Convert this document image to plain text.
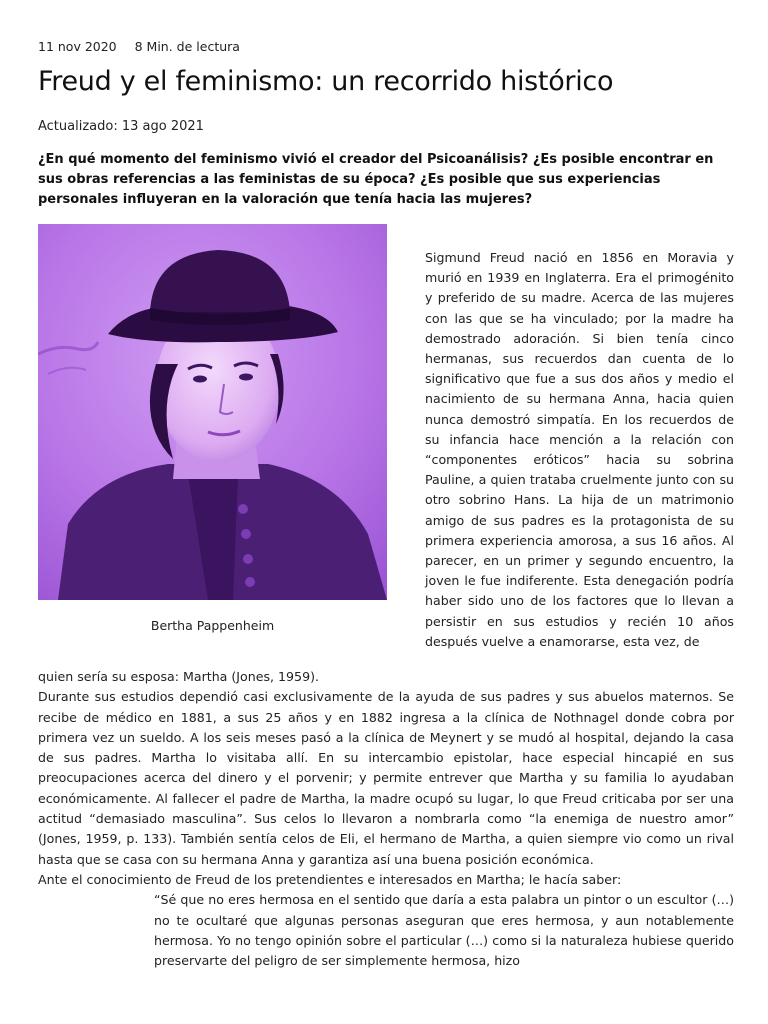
11 nov 2020 8 Min. de lectura
Freud y el feminismo: un recorrido histórico
Actualizado: 13 ago 2021

¿En qué momento del feminismo vivió el creador del Psicoanálisis? ¿Es posible encontrar en sus obras referencias a las feministas de su época? ¿Es posible que sus experiencias personales influyeran en la valoración que tenía hacia las mujeres?

Bertha Pappenheim

Sigmund Freud nació en 1856 en Moravia y murió en 1939 en Inglaterra. Era el primogénito y preferido de su madre. Acerca de las mujeres con las que se ha vinculado; por la madre ha demostrado adoración. Si bien tenía cinco hermanas, sus recuerdos dan cuenta de lo significativo que fue a sus dos años y medio el nacimiento de su hermana Anna, hacia quien nunca demostró simpatía. En los recuerdos de su infancia hace mención a la relación con “componentes eróticos” hacia su sobrina Pauline, a quien trataba cruelmente junto con su otro sobrino Hans. La hija de un matrimonio amigo de sus padres es la protagonista de su primera experiencia amorosa, a sus 16 años. Al parecer, en un primer y segundo encuentro, la joven le fue indiferente. Esta denegación podría haber sido uno de los factores que lo llevan a persistir en sus estudios y recién 10 años después vuelve a enamorarse, esta vez, de

quien sería su esposa: Martha (Jones, 1959).

Durante sus estudios dependió casi exclusivamente de la ayuda de sus padres y sus abuelos maternos. Se recibe de médico en 1881, a sus 25 años y en 1882 ingresa a la clínica de Nothnagel donde cobra por primera vez un sueldo. A los seis meses pasó a la clínica de Meynert y se mudó al hospital, dejando la casa de sus padres. Martha lo visitaba allí. En su intercambio epistolar, hace especial hincapié en sus preocupaciones acerca del dinero y el porvenir; y permite entrever que Martha y su familia lo ayudaban económicamente. Al fallecer el padre de Martha, la madre ocupó su lugar, lo que Freud criticaba por ser una actitud “demasiado masculina”. Sus celos lo llevaron a nombrarla como “la enemiga de nuestro amor” (Jones, 1959, p. 133). También sentía celos de Eli, el hermano de Martha, a quien siempre vio como un rival hasta que se casa con su hermana Anna y garantiza así una buena posición económica.

Ante el conocimiento de Freud de los pretendientes e interesados en Martha; le hacía saber:

“Sé que no eres hermosa en el sentido que daría a esta palabra un pintor o un escultor (…) no te ocultaré que algunas personas aseguran que eres hermosa, y aun notablemente hermosa. Yo no tengo opinión sobre el particular (…) como si la naturaleza hubiese querido preservarte del peligro de ser simplemente hermosa, hizo
